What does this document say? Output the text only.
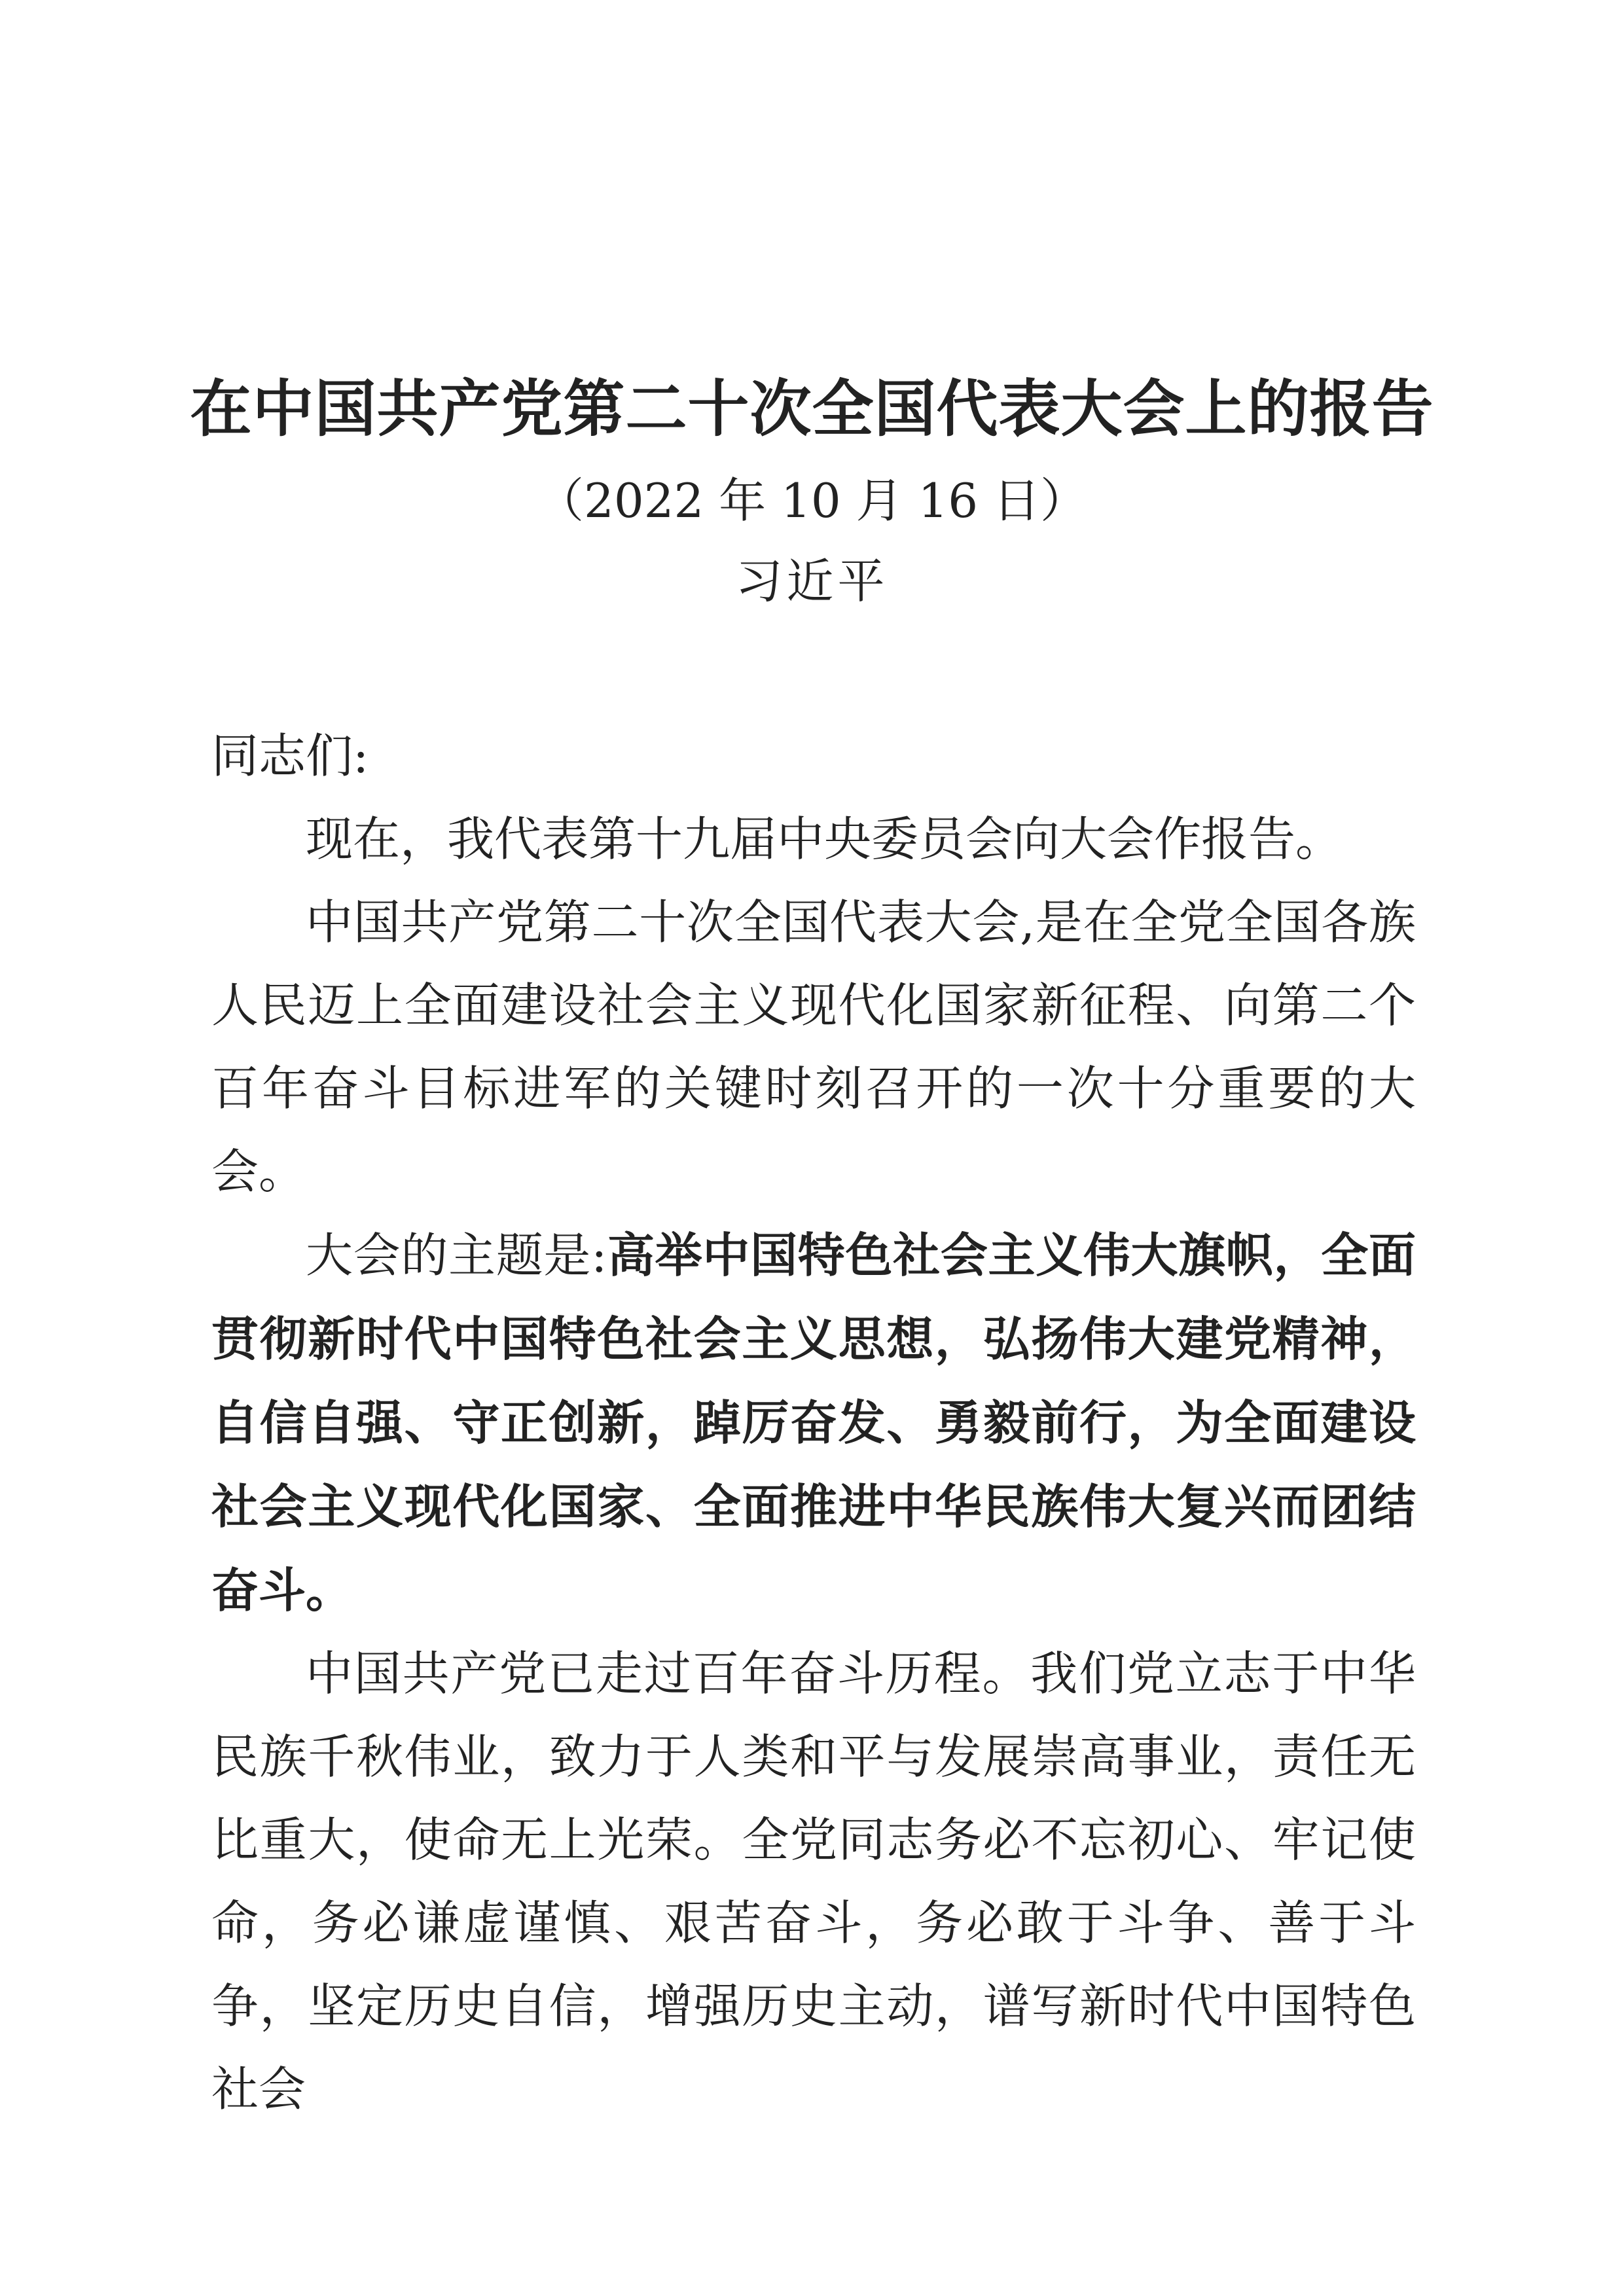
在中国共产党第二十次全国代表大会上的报告
（2022 年 10 月 16 日）
习近平

同志们:

现在，我代表第十九届中央委员会向大会作报告。

中国共产党第二十次全国代表大会,是在全党全国各族人民迈上全面建设社会主义现代化国家新征程、向第二个百年奋斗目标进军的关键时刻召开的一次十分重要的大会。

大会的主题是:高举中国特色社会主义伟大旗帜，全面贯彻新时代中国特色社会主义思想，弘扬伟大建党精神，自信自强、守正创新，踔厉奋发、勇毅前行，为全面建设社会主义现代化国家、全面推进中华民族伟大复兴而团结奋斗。

中国共产党已走过百年奋斗历程。我们党立志于中华民族千秋伟业，致力于人类和平与发展崇高事业，责任无比重大，使命无上光荣。全党同志务必不忘初心、牢记使命，务必谦虚谨慎、艰苦奋斗，务必敢于斗争、善于斗争，坚定历史自信，增强历史主动，谱写新时代中国特色社会
